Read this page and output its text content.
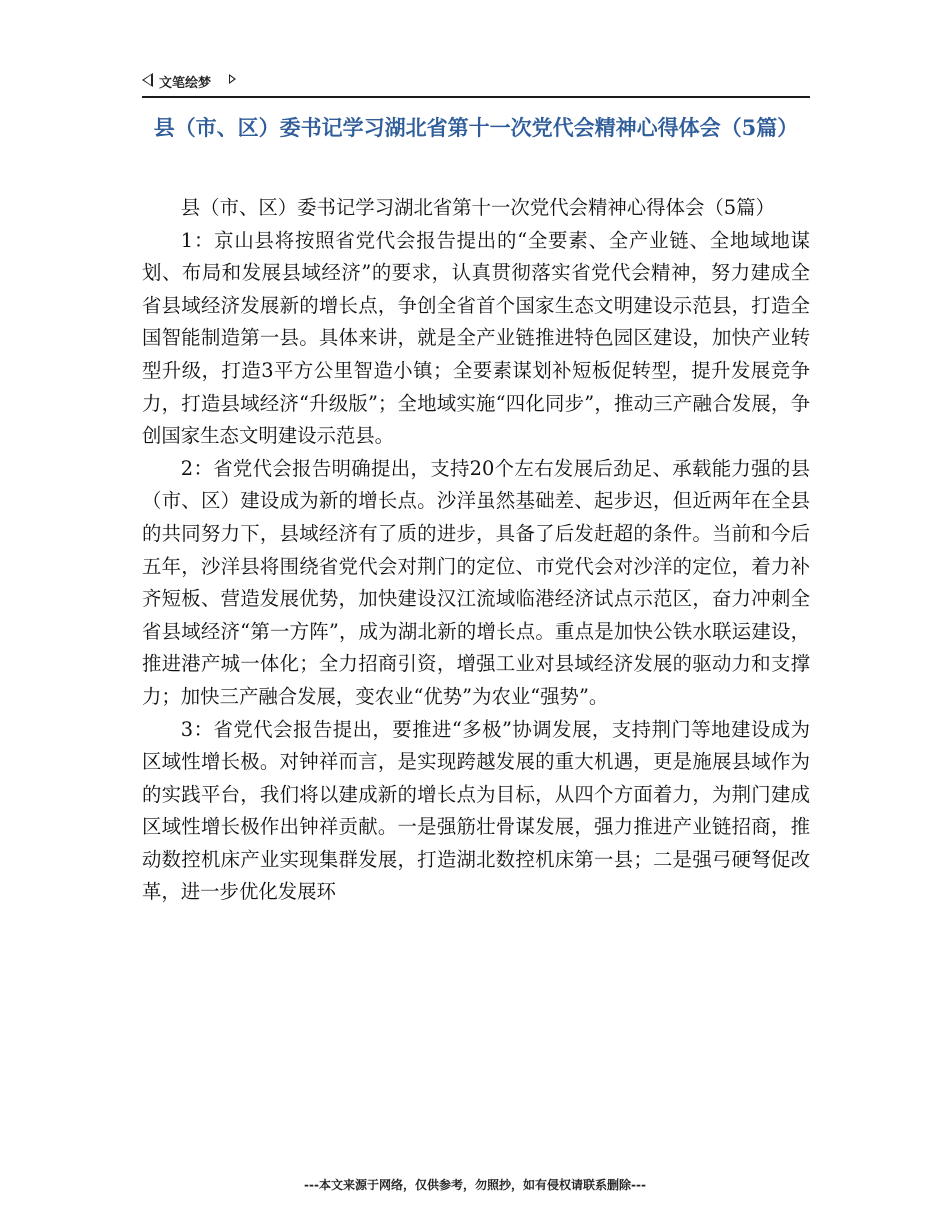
文笔绘梦
县（市、区）委书记学习湖北省第十一次党代会精神心得体会（5篇）

县（市、区）委书记学习湖北省第十一次党代会精神心得体会（5篇）

1：京山县将按照省党代会报告提出的“全要素、全产业链、全地域地谋划、布局和发展县域经济”的要求，认真贯彻落实省党代会精神，努力建成全省县域经济发展新的增长点，争创全省首个国家生态文明建设示范县，打造全国智能制造第一县。具体来讲，就是全产业链推进特色园区建设，加快产业转型升级，打造3平方公里智造小镇；全要素谋划补短板促转型，提升发展竞争力，打造县域经济“升级版”；全地域实施“四化同步”，推动三产融合发展，争创国家生态文明建设示范县。

2：省党代会报告明确提出，支持20个左右发展后劲足、承载能力强的县（市、区）建设成为新的增长点。沙洋虽然基础差、起步迟，但近两年在全县的共同努力下，县域经济有了质的进步，具备了后发赶超的条件。当前和今后五年，沙洋县将围绕省党代会对荆门的定位、市党代会对沙洋的定位，着力补齐短板、营造发展优势，加快建设汉江流域临港经济试点示范区，奋力冲刺全省县域经济“第一方阵”，成为湖北新的增长点。重点是加快公铁水联运建设，推进港产城一体化；全力招商引资，增强工业对县域经济发展的驱动力和支撑力；加快三产融合发展，变农业“优势”为农业“强势”。

3：省党代会报告提出，要推进“多极”协调发展，支持荆门等地建设成为区域性增长极。对钟祥而言，是实现跨越发展的重大机遇，更是施展县域作为的实践平台，我们将以建成新的增长点为目标，从四个方面着力，为荆门建成区域性增长极作出钟祥贡献。一是强筋壮骨谋发展，强力推进产业链招商，推动数控机床产业实现集群发展，打造湖北数控机床第一县；二是强弓硬弩促改革，进一步优化发展环

---本文来源于网络，仅供参考，勿照抄，如有侵权请联系删除---
